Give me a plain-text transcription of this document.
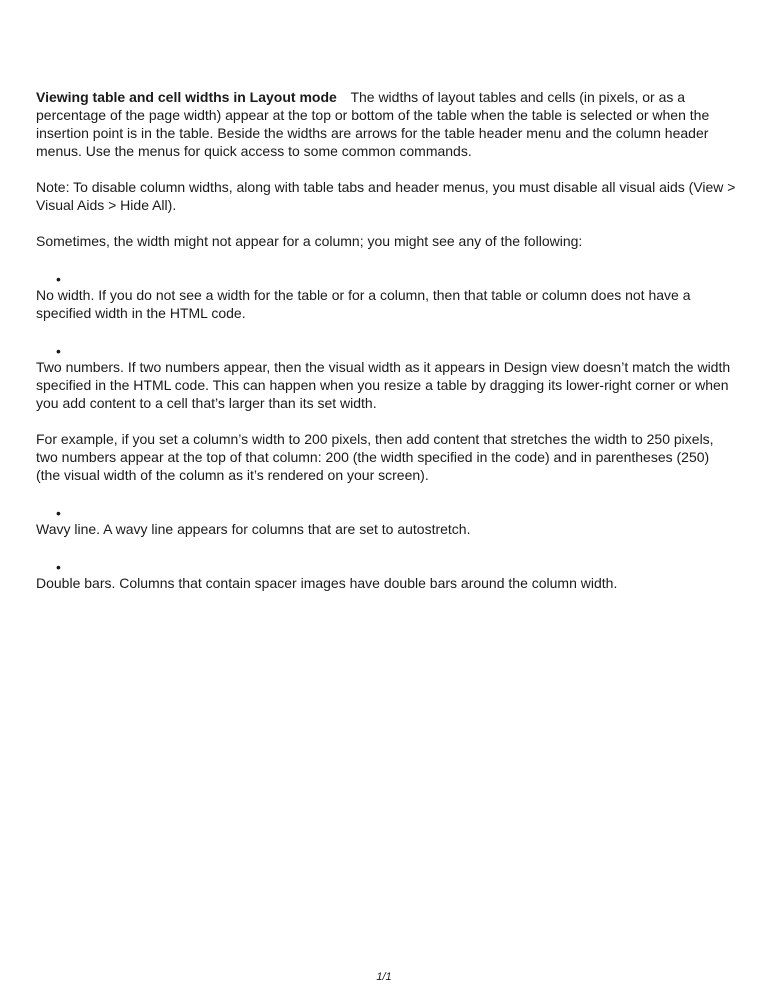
Viewing table and cell widths in Layout mode The widths of layout tables and cells (in pixels, or as a percentage of the page width) appear at the top or bottom of the table when the table is selected or when the insertion point is in the table. Beside the widths are arrows for the table header menu and the column header menus. Use the menus for quick access to some common commands.

Note: To disable column widths, along with table tabs and header menus, you must disable all visual aids (View > Visual Aids > Hide All).

Sometimes, the width might not appear for a column; you might see any of the following:

•
No width. If you do not see a width for the table or for a column, then that table or column does not have a specified width in the HTML code.
•
Two numbers. If two numbers appear, then the visual width as it appears in Design view doesn’t match the width specified in the HTML code. This can happen when you resize a table by dragging its lower-right corner or when you add content to a cell that’s larger than its set width.

For example, if you set a column’s width to 200 pixels, then add content that stretches the width to 250 pixels, two numbers appear at the top of that column: 200 (the width specified in the code) and in parentheses (250) (the visual width of the column as it’s rendered on your screen).

•
Wavy line. A wavy line appears for columns that are set to autostretch.
•
Double bars. Columns that contain spacer images have double bars around the column width.
1/1
